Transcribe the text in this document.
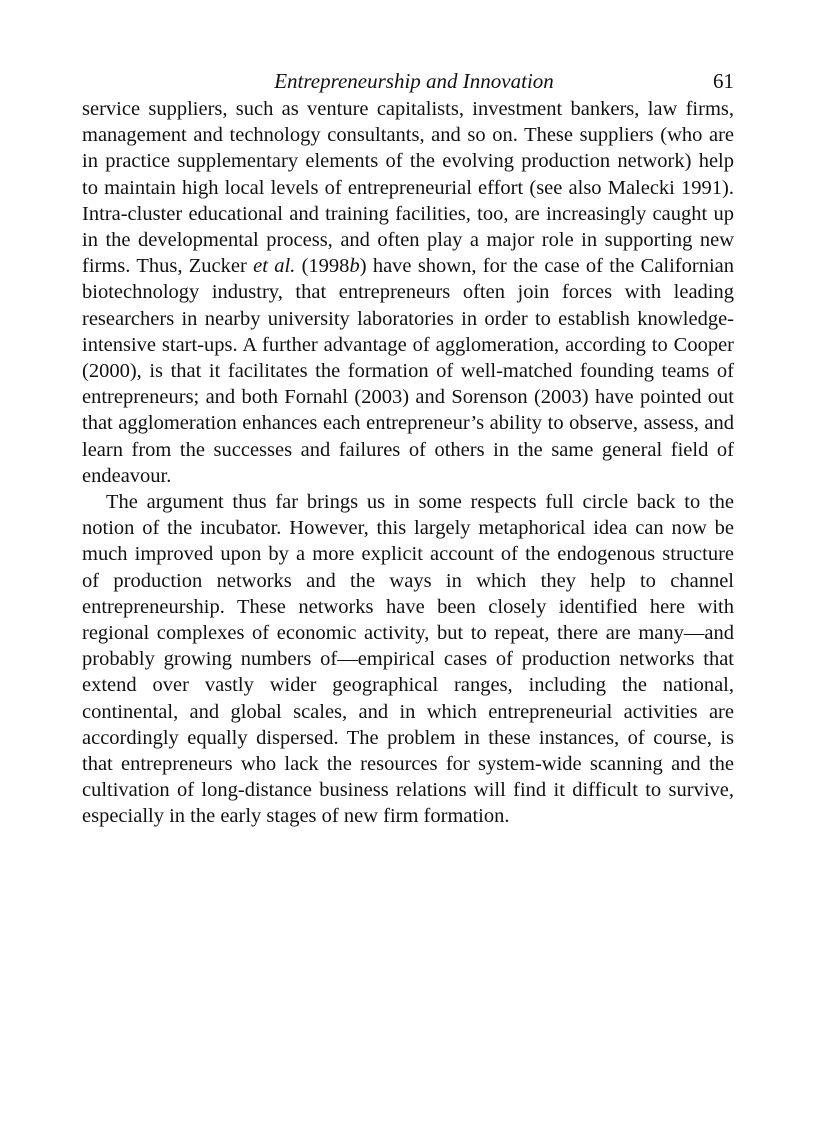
Entrepreneurship and Innovation	61

service suppliers, such as venture capitalists, investment bankers, law firms, management and technology consultants, and so on. These suppliers (who are in practice supplementary elements of the evolving production network) help to maintain high local levels of entrepreneurial effort (see also Malecki 1991). Intra-cluster educational and training facilities, too, are increasingly caught up in the developmental process, and often play a major role in supporting new firms. Thus, Zucker et al. (1998b) have shown, for the case of the Californian biotechnology industry, that entrepreneurs often join forces with leading researchers in nearby university laboratories in order to establish knowledge-intensive start-ups. A further advantage of agglomeration, according to Cooper (2000), is that it facilitates the formation of well-matched founding teams of entrepreneurs; and both Fornahl (2003) and Sorenson (2003) have pointed out that agglomeration enhances each entrepreneur’s ability to observe, assess, and learn from the successes and failures of others in the same general field of endeavour.

The argument thus far brings us in some respects full circle back to the notion of the incubator. However, this largely metaphorical idea can now be much improved upon by a more explicit account of the endogenous structure of production networks and the ways in which they help to channel entrepreneurship. These networks have been closely identified here with regional complexes of economic activity, but to repeat, there are many—and probably growing numbers of—empirical cases of production networks that extend over vastly wider geographical ranges, including the national, continental, and global scales, and in which entrepreneurial activities are accordingly equally dispersed. The problem in these instances, of course, is that entrepreneurs who lack the resources for system-wide scanning and the cultivation of long-distance business relations will find it difficult to survive, especially in the early stages of new firm formation.
